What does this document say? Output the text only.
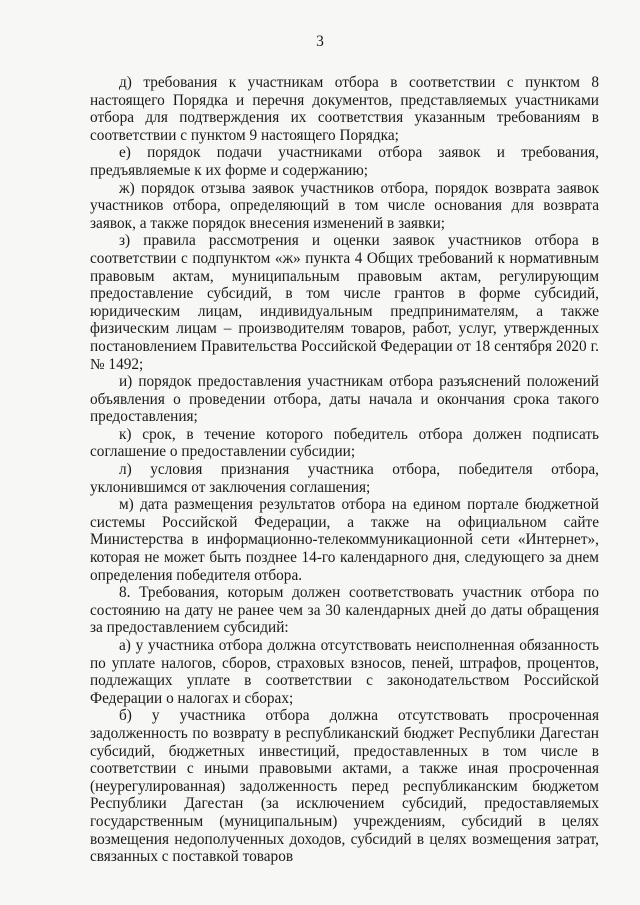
3

д) требования к участникам отбора в соответствии с пунктом 8 настоящего Порядка и перечня документов, представляемых участниками отбора для подтверждения их соответствия указанным требованиям в соответствии с пунктом 9 настоящего Порядка;

е) порядок подачи участниками отбора заявок и требования, предъявляемые к их форме и содержанию;

ж) порядок отзыва заявок участников отбора, порядок возврата заявок участников отбора, определяющий в том числе основания для возврата заявок, а также порядок внесения изменений в заявки;

з) правила рассмотрения и оценки заявок участников отбора в соответствии с подпунктом «ж» пункта 4 Общих требований к нормативным правовым актам, муниципальным правовым актам, регулирующим предоставление субсидий, в том числе грантов в форме субсидий, юридическим лицам, индивидуальным предпринимателям, а также физическим лицам – производителям товаров, работ, услуг, утвержденных постановлением Правительства Российской Федерации от 18 сентября 2020 г. № 1492;

и) порядок предоставления участникам отбора разъяснений положений объявления о проведении отбора, даты начала и окончания срока такого предоставления;

к) срок, в течение которого победитель отбора должен подписать соглашение о предоставлении субсидии;

л) условия признания участника отбора, победителя отбора, уклонившимся от заключения соглашения;

м) дата размещения результатов отбора на едином портале бюджетной системы Российской Федерации, а также на официальном сайте Министерства в информационно-телекоммуникационной сети «Интернет», которая не может быть позднее 14-го календарного дня, следующего за днем определения победителя отбора.

8. Требования, которым должен соответствовать участник отбора по состоянию на дату не ранее чем за 30 календарных дней до даты обращения за предоставлением субсидий:

а) у участника отбора должна отсутствовать неисполненная обязанность по уплате налогов, сборов, страховых взносов, пеней, штрафов, процентов, подлежащих уплате в соответствии с законодательством Российской Федерации о налогах и сборах;

б) у участника отбора должна отсутствовать просроченная задолженность по возврату в республиканский бюджет Республики Дагестан субсидий, бюджетных инвестиций, предоставленных в том числе в соответствии с иными правовыми актами, а также иная просроченная (неурегулированная) задолженность перед республиканским бюджетом Республики Дагестан (за исключением субсидий, предоставляемых государственным (муниципальным) учреждениям, субсидий в целях возмещения недополученных доходов, субсидий в целях возмещения затрат, связанных с поставкой товаров
